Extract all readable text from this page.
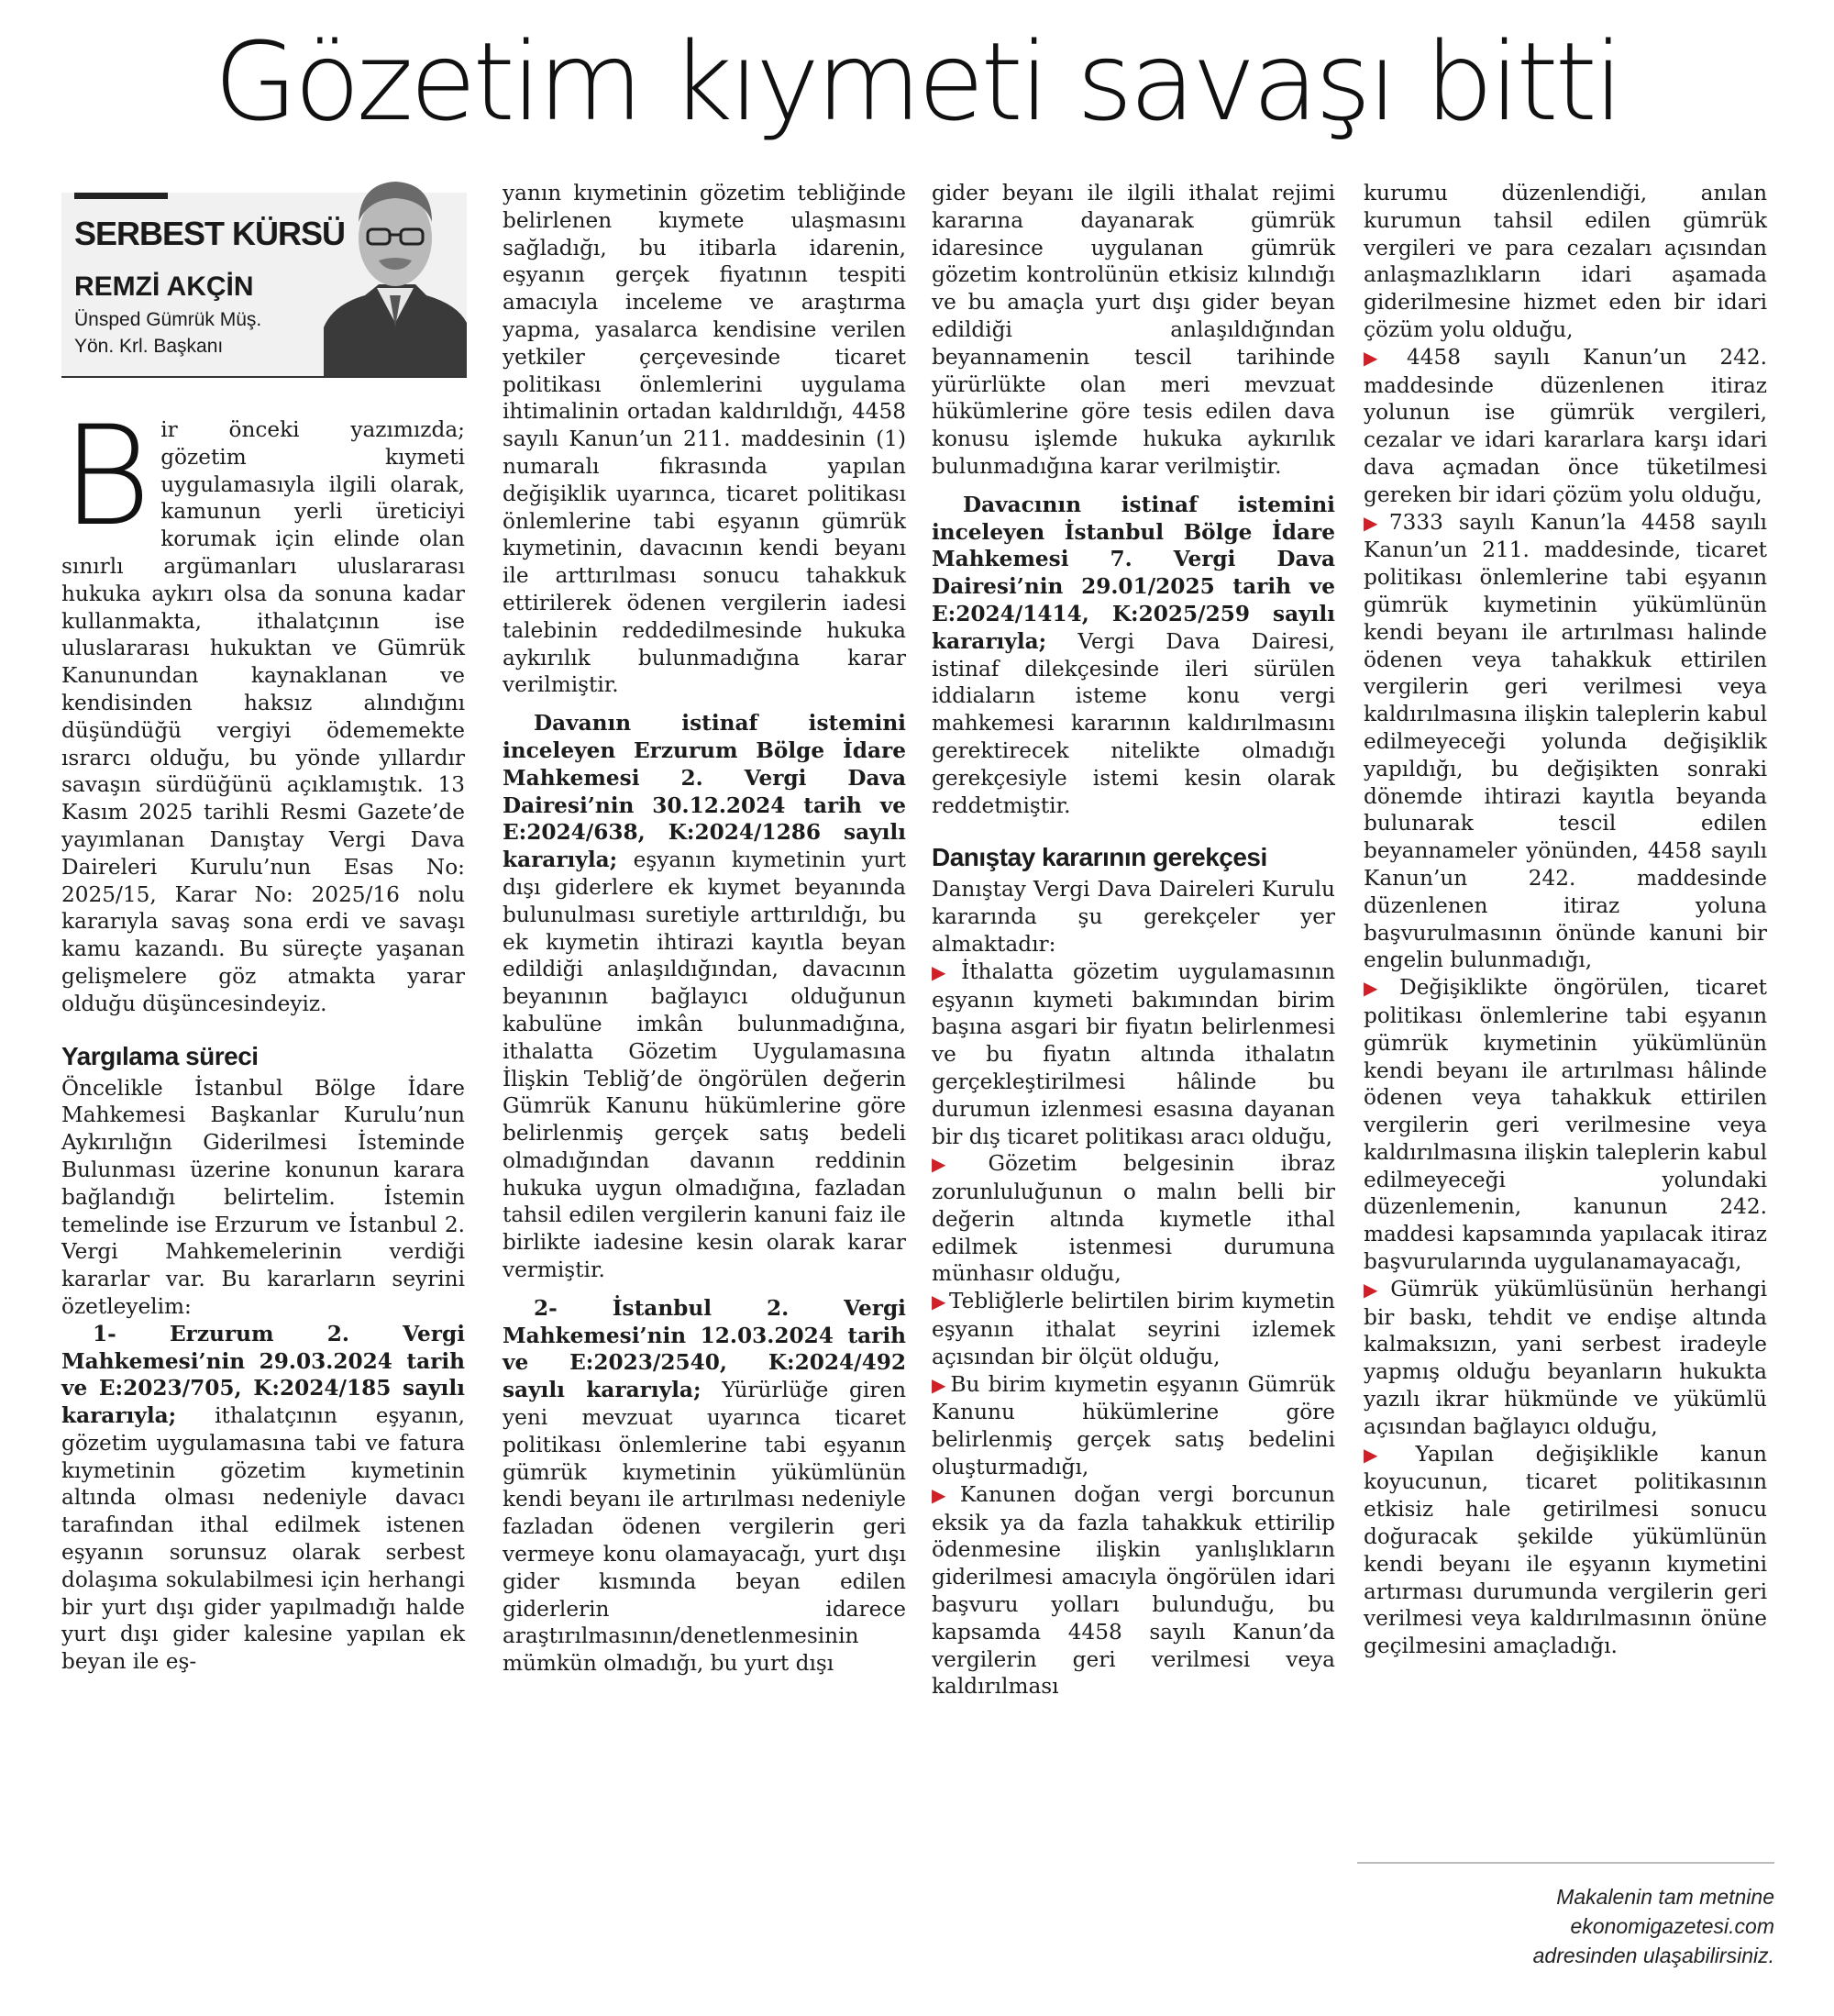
Gözetim kıymeti savaşı bitti
SERBEST KÜRSÜ
REMZİ AKÇİN
Ünsped Gümrük Müş.
Yön. Krl. Başkanı

Bir önceki yazımızda; gözetim kıymeti uygulamasıyla ilgili olarak, kamunun yerli üreticiyi korumak için elinde olan sınırlı argümanları uluslararası hukuka aykırı olsa da sonuna kadar kullanmakta, ithalatçının ise uluslararası hukuktan ve Gümrük Kanunundan kaynaklanan ve kendisinden haksız alındığını düşündüğü vergiyi ödememekte ısrarcı olduğu, bu yönde yıllardır savaşın sürdüğünü açıklamıştık. 13 Kasım 2025 tarihli Resmi Gazete’de yayımlanan Danıştay Vergi Dava Daireleri Kurulu’nun Esas No: 2025/15, Karar No: 2025/16 nolu kararıyla savaş sona erdi ve savaşı kamu kazandı. Bu süreçte yaşanan gelişmelere göz atmakta yarar olduğu düşüncesindeyiz.

Yargılama süreci

Öncelikle İstanbul Bölge İdare Mahkemesi Başkanlar Kurulu’nun Aykırılığın Giderilmesi İsteminde Bulunması üzerine konunun karara bağlandığı belirtelim. İstemin temelinde ise Erzurum ve İstanbul 2. Vergi Mahkemelerinin verdiği kararlar var. Bu kararların seyrini özetleyelim:

1- Erzurum 2. Vergi Mahkemesi’nin 29.03.2024 tarih ve E:2023/705, K:2024/185 sayılı kararıyla; ithalatçının eşyanın, gözetim uygulamasına tabi ve fatura kıymetinin gözetim kıymetinin altında olması nedeniyle davacı tarafından ithal edilmek istenen eşyanın sorunsuz olarak serbest dolaşıma sokulabilmesi için herhangi bir yurt dışı gider yapılmadığı halde yurt dışı gider kalesine yapılan ek beyan ile eş-

yanın kıymetinin gözetim tebliğinde belirlenen kıymete ulaşmasını sağladığı, bu itibarla idarenin, eşyanın gerçek fiyatının tespiti amacıyla inceleme ve araştırma yapma, yasalarca kendisine verilen yetkiler çerçevesinde ticaret politikası önlemlerini uygulama ihtimalinin ortadan kaldırıldığı, 4458 sayılı Kanun’un 211. maddesinin (1) numaralı fıkrasında yapılan değişiklik uyarınca, ticaret politikası önlemlerine tabi eşyanın gümrük kıymetinin, davacının kendi beyanı ile arttırılması sonucu tahakkuk ettirilerek ödenen vergilerin iadesi talebinin reddedilmesinde hukuka aykırılık bulunmadığına karar verilmiştir.

Davanın istinaf istemini inceleyen Erzurum Bölge İdare Mahkemesi 2. Vergi Dava Dairesi’nin 30.12.2024 tarih ve E:2024/638, K:2024/1286 sayılı kararıyla; eşyanın kıymetinin yurt dışı giderlere ek kıymet beyanında bulunulması suretiyle arttırıldığı, bu ek kıymetin ihtirazi kayıtla beyan edildiği anlaşıldığından, davacının beyanının bağlayıcı olduğunun kabulüne imkân bulunmadığına, ithalatta Gözetim Uygulamasına İlişkin Tebliğ’de öngörülen değerin Gümrük Kanunu hükümlerine göre belirlenmiş gerçek satış bedeli olmadığından davanın reddinin hukuka uygun olmadığına, fazladan tahsil edilen vergilerin kanuni faiz ile birlikte iadesine kesin olarak karar vermiştir.

2- İstanbul 2. Vergi Mahkemesi’nin 12.03.2024 tarih ve E:2023/2540, K:2024/492 sayılı kararıyla; Yürürlüğe giren yeni mevzuat uyarınca ticaret politikası önlemlerine tabi eşyanın gümrük kıymetinin yükümlünün kendi beyanı ile artırılması nedeniyle fazladan ödenen vergilerin geri vermeye konu olamayacağı, yurt dışı gider kısmında beyan edilen giderlerin idarece araştırılmasının/denetlenmesinin mümkün olmadığı, bu yurt dışı

gider beyanı ile ilgili ithalat rejimi kararına dayanarak gümrük idaresince uygulanan gümrük gözetim kontrolünün etkisiz kılındığı ve bu amaçla yurt dışı gider beyan edildiği anlaşıldığından beyannamenin tescil tarihinde yürürlükte olan meri mevzuat hükümlerine göre tesis edilen dava konusu işlemde hukuka aykırılık bulunmadığına karar verilmiştir.

Davacının istinaf istemini inceleyen İstanbul Bölge İdare Mahkemesi 7. Vergi Dava Dairesi’nin 29.01/2025 tarih ve E:2024/1414, K:2025/259 sayılı kararıyla; Vergi Dava Dairesi, istinaf dilekçesinde ileri sürülen iddiaların isteme konu vergi mahkemesi kararının kaldırılmasını gerektirecek nitelikte olmadığı gerekçesiyle istemi kesin olarak reddetmiştir.

Danıştay kararının gerekçesi

Danıştay Vergi Dava Daireleri Kurulu kararında şu gerekçeler yer almaktadır:

▶ İthalatta gözetim uygulamasının eşyanın kıymeti bakımından birim başına asgari bir fiyatın belirlenmesi ve bu fiyatın altında ithalatın gerçekleştirilmesi hâlinde bu durumun izlenmesi esasına dayanan bir dış ticaret politikası aracı olduğu,

▶ Gözetim belgesinin ibraz zorunluluğunun o malın belli bir değerin altında kıymetle ithal edilmek istenmesi durumuna münhasır olduğu,

▶ Tebliğlerle belirtilen birim kıymetin eşyanın ithalat seyrini izlemek açısından bir ölçüt olduğu,

▶ Bu birim kıymetin eşyanın Gümrük Kanunu hükümlerine göre belirlenmiş gerçek satış bedelini oluşturmadığı,

▶ Kanunen doğan vergi borcunun eksik ya da fazla tahakkuk ettirilip ödenmesine ilişkin yanlışlıkların giderilmesi amacıyla öngörülen idari başvuru yolları bulunduğu, bu kapsamda 4458 sayılı Kanun’da vergilerin geri verilmesi veya kaldırılması

kurumu düzenlendiği, anılan kurumun tahsil edilen gümrük vergileri ve para cezaları açısından anlaşmazlıkların idari aşamada giderilmesine hizmet eden bir idari çözüm yolu olduğu,

▶ 4458 sayılı Kanun’un 242. maddesinde düzenlenen itiraz yolunun ise gümrük vergileri, cezalar ve idari kararlara karşı idari dava açmadan önce tüketilmesi gereken bir idari çözüm yolu olduğu,

▶ 7333 sayılı Kanun’la 4458 sayılı Kanun’un 211. maddesinde, ticaret politikası önlemlerine tabi eşyanın gümrük kıymetinin yükümlünün kendi beyanı ile artırılması halinde ödenen veya tahakkuk ettirilen vergilerin geri verilmesi veya kaldırılmasına ilişkin taleplerin kabul edilmeyeceği yolunda değişiklik yapıldığı, bu değişikten sonraki dönemde ihtirazi kayıtla beyanda bulunarak tescil edilen beyannameler yönünden, 4458 sayılı Kanun’un 242. maddesinde düzenlenen itiraz yoluna başvurulmasının önünde kanuni bir engelin bulunmadığı,

▶ Değişiklikte öngörülen, ticaret politikası önlemlerine tabi eşyanın gümrük kıymetinin yükümlünün kendi beyanı ile artırılması hâlinde ödenen veya tahakkuk ettirilen vergilerin geri verilmesine veya kaldırılmasına ilişkin taleplerin kabul edilmeyeceği yolundaki düzenlemenin, kanunun 242. maddesi kapsamında yapılacak itiraz başvurularında uygulanamayacağı,

▶ Gümrük yükümlüsünün herhangi bir baskı, tehdit ve endişe altında kalmaksızın, yani serbest iradeyle yapmış olduğu beyanların hukukta yazılı ikrar hükmünde ve yükümlü açısından bağlayıcı olduğu,

▶ Yapılan değişiklikle kanun koyucunun, ticaret politikasının etkisiz hale getirilmesi sonucu doğuracak şekilde yükümlünün kendi beyanı ile eşyanın kıymetini artırması durumunda vergilerin geri verilmesi veya kaldırılmasının önüne geçilmesini amaçladığı.

Makalenin tam metnine
ekonomigazetesi.com
adresinden ulaşabilirsiniz.
